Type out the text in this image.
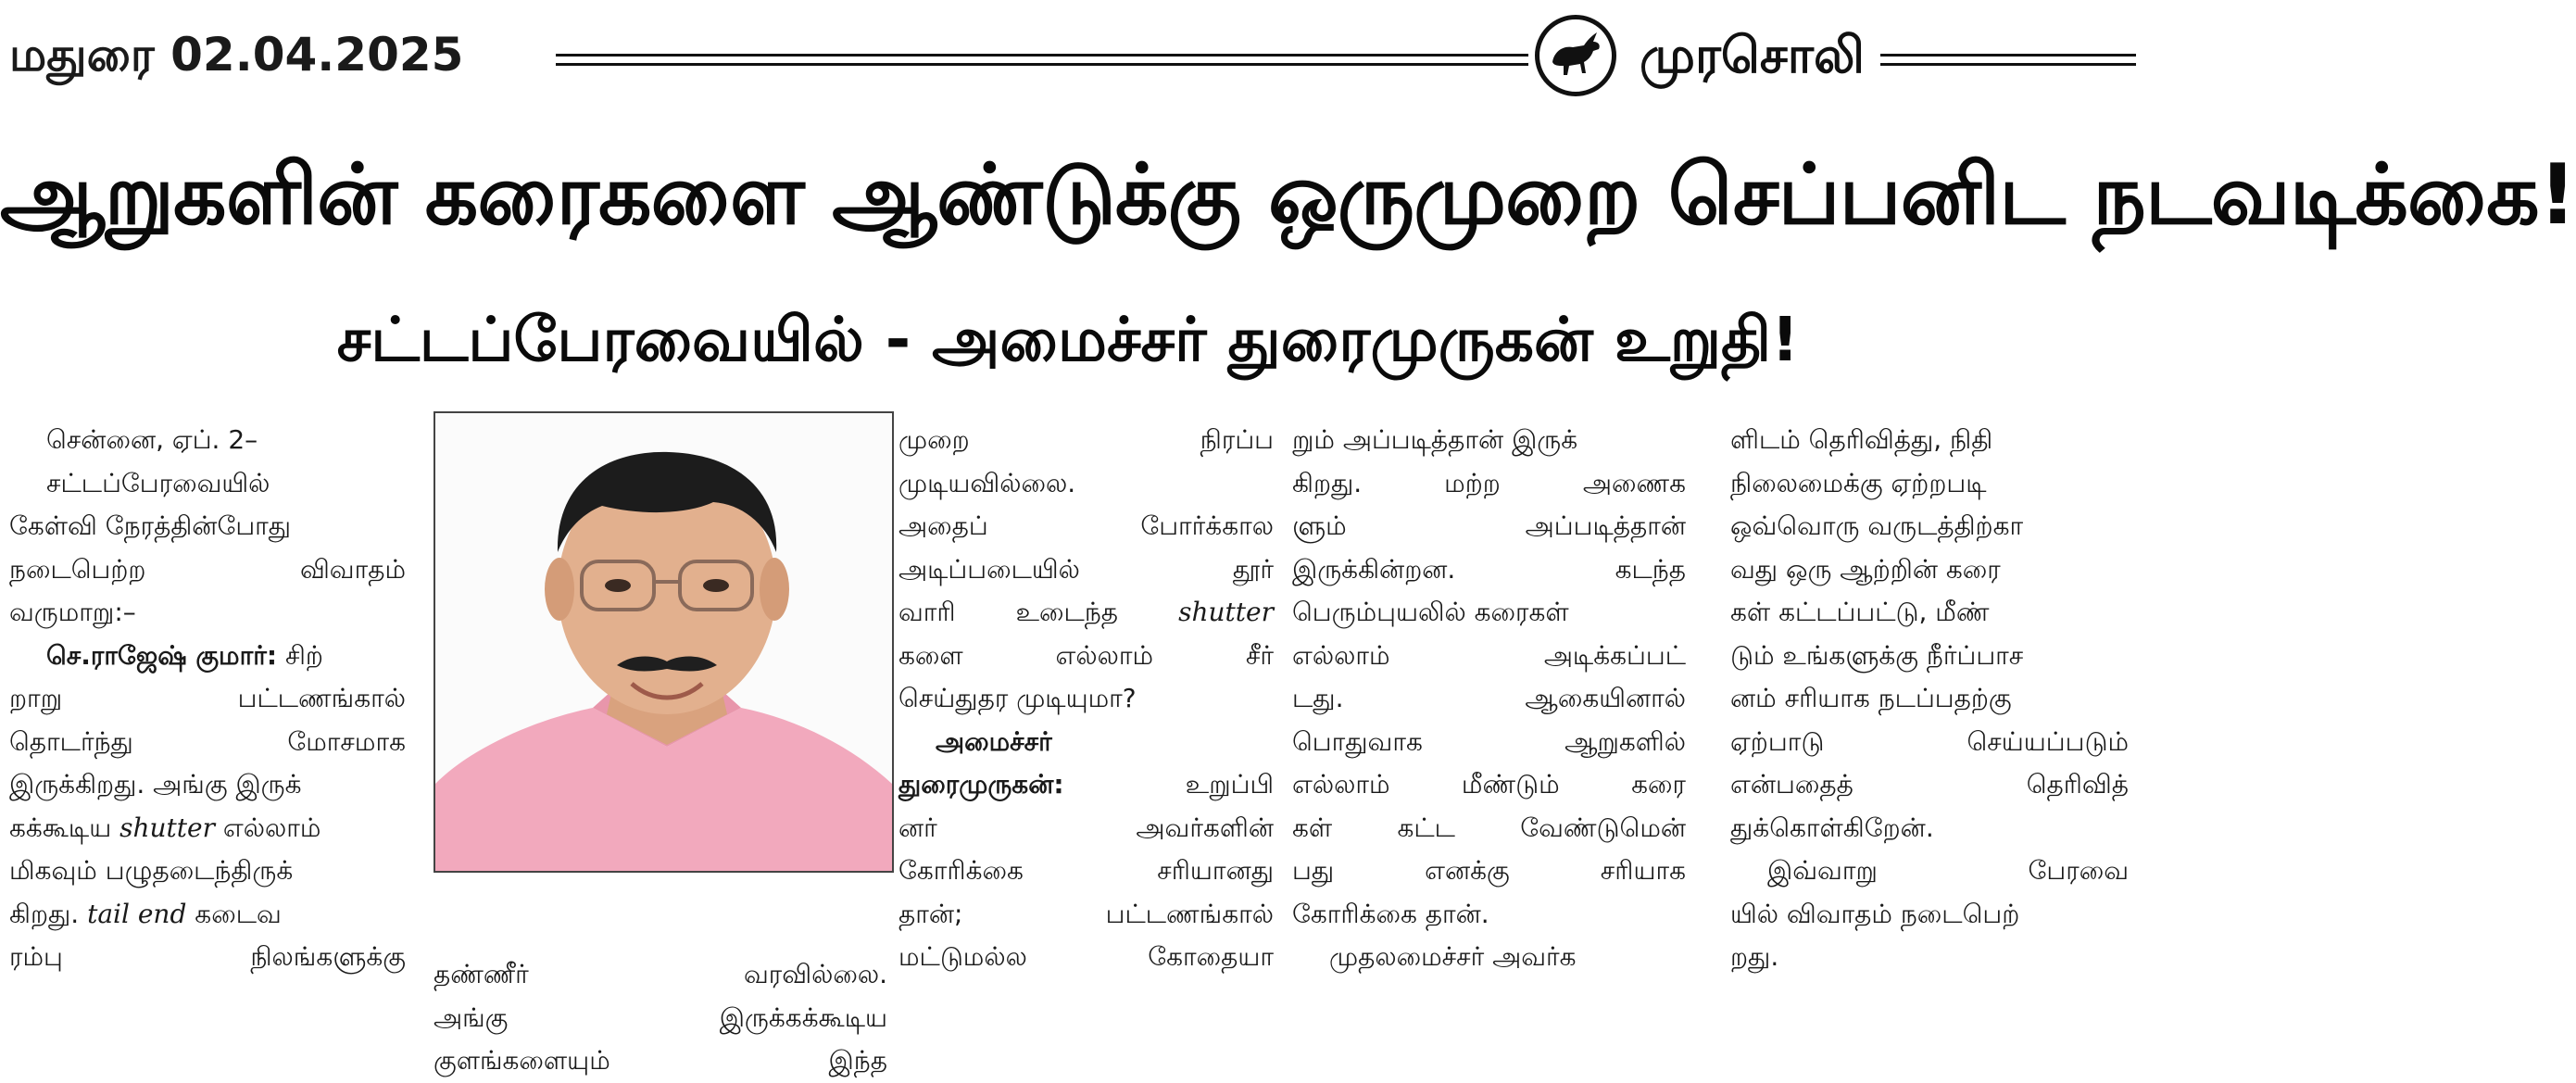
மதுரை 02.04.2025	முரசொலி
ஆறுகளின் கரைகளை ஆண்டுக்கு ஒருமுறை செப்பனிட நடவடிக்கை!
சட்டப்பேரவையில் - அமைச்சர் துரைமுருகன் உறுதி!

சென்னை, ஏப். 2–

சட்டப்பேரவையில்

கேள்வி நேரத்தின்போது

நடைபெற்ற விவாதம்

வருமாறு:–

செ.ராஜேஷ் குமார்: சிற்

றாறு பட்டணங்கால்

தொடர்ந்து மோசமாக

இருக்கிறது. அங்கு இருக்

கக்கூடிய shutter எல்லாம்

மிகவும் பழுதடைந்திருக்

கிறது. tail end கடைவ

ரம்பு நிலங்களுக்கு

தண்ணீர் வரவில்லை.

அங்கு இருக்கக்கூடிய

குளங்களையும் இந்த

முறை நிரப்ப

முடியவில்லை.

அதைப் போர்க்கால

அடிப்படையில் தூர்

வாரி உடைந்த shutter

களை எல்லாம் சீர்

செய்துதர முடியுமா?

அமைச்சர்

துரைமுருகன்: உறுப்பி

னர் அவர்களின்

கோரிக்கை சரியானது

தான்; பட்டணங்கால்

மட்டுமல்ல கோதையா

றும் அப்படித்தான் இருக்

கிறது. மற்ற அணைக

ளும் அப்படித்தான்

இருக்கின்றன. கடந்த

பெரும்புயலில் கரைகள்

எல்லாம் அடிக்கப்பட்

டது. ஆகையினால்

பொதுவாக ஆறுகளில்

எல்லாம் மீண்டும் கரை

கள் கட்ட வேண்டுமென்

பது எனக்கு சரியாக

கோரிக்கை தான்.

முதலமைச்சர் அவர்க

ளிடம் தெரிவித்து, நிதி

நிலைமைக்கு ஏற்றபடி

ஒவ்வொரு வருடத்திற்கா

வது ஒரு ஆற்றின் கரை

கள் கட்டப்பட்டு, மீண்

டும் உங்களுக்கு நீர்ப்பாச

னம் சரியாக நடப்பதற்கு

ஏற்பாடு செய்யப்படும்

என்பதைத் தெரிவித்

துக்கொள்கிறேன்.

இவ்வாறு பேரவை

யில் விவாதம் நடைபெற்

றது.
